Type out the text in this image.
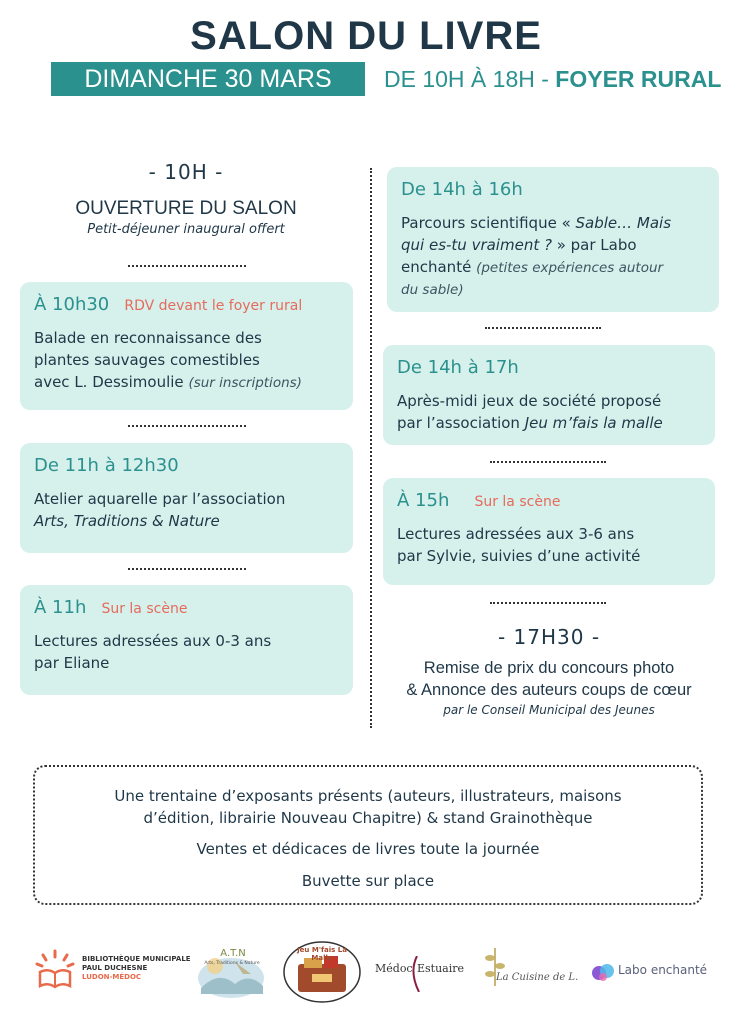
SALON DU LIVRE
DIMANCHE 30 MARS	DE 10H À 18H - FOYER RURAL
- 10H -
OUVERTURE DU SALON
Petit-déjeuner inaugural offert
À 10h30 RDV devant le foyer rural
Balade en reconnaissance des
plantes sauvages comestibles
avec L. Dessimoulie (sur inscriptions)
De 11h à 12h30
Atelier aquarelle par l’association
Arts, Traditions & Nature
À 11h Sur la scène
Lectures adressées aux 0-3 ans
par Eliane
De 14h à 16h
Parcours scientifique « Sable… Mais
qui es-tu vraiment ? » par Labo
enchanté (petites expériences autour
du sable)
De 14h à 17h
Après-midi jeux de société proposé
par l’association Jeu m’fais la malle
À 15h Sur la scène
Lectures adressées aux 3-6 ans
par Sylvie, suivies d’une activité
- 17H30 -
Remise de prix du concours photo
& Annonce des auteurs coups de cœur
par le Conseil Municipal des Jeunes

Une trentaine d’exposants présents (auteurs, illustrateurs, maisons

d’édition, librairie Nouveau Chapitre) & stand Grainothèque

Ventes et dédicaces de livres toute la journée

Buvette sur place

BIBLIOTHÈQUE MUNICIPALE
PAUL DUCHESNE
LUDON-MÉDOC
A.T.N
Arts, Traditions & Nature
Jeu M'fais La Malle
Médoc Estuaire
La Cuisine de L.
Labo enchanté
